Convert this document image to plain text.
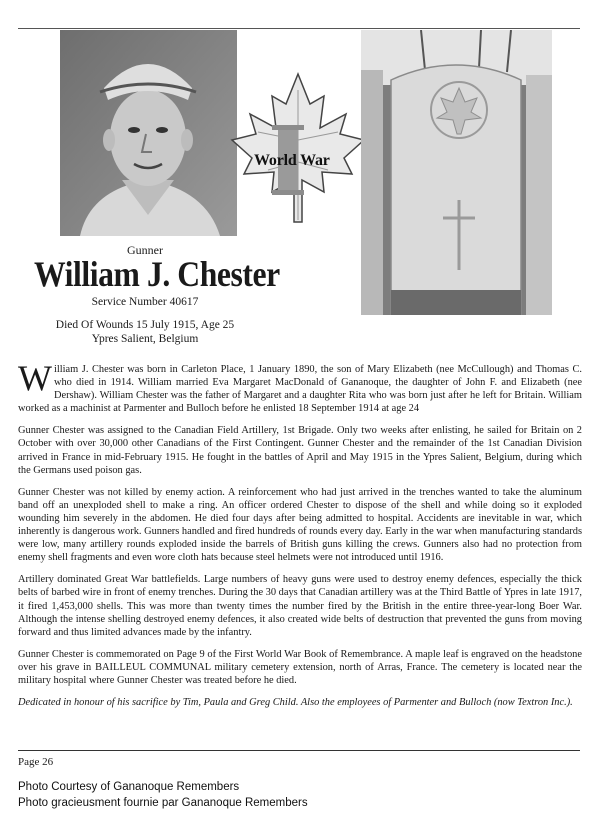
World War
Gunner
William J. Chester
Service Number 40617
Died Of Wounds 15 July 1915, Age 25
Ypres Salient, Belgium

William J. Chester was born in Carleton Place, 1 January 1890, the son of Mary Elizabeth (nee McCullough) and Thomas C. who died in 1914. William married Eva Margaret MacDonald of Gananoque, the daughter of John F. and Elizabeth (nee Dershaw). William Chester was the father of Margaret and a daughter Rita who was born just after he left for Britain. William worked as a machinist at Parmenter and Bulloch before he enlisted 18 September 1914 at age 24

Gunner Chester was assigned to the Canadian Field Artillery, 1st Brigade. Only two weeks after enlisting, he sailed for Britain on 2 October with over 30,000 other Canadians of the First Contingent. Gunner Chester and the remainder of the 1st Canadian Division arrived in France in mid-February 1915. He fought in the battles of April and May 1915 in the Ypres Salient, Belgium, during which the Germans used poison gas.

Gunner Chester was not killed by enemy action. A reinforcement who had just arrived in the trenches wanted to take the aluminum band off an unexploded shell to make a ring. An officer ordered Chester to dispose of the shell and while doing so it exploded wounding him severely in the abdomen. He died four days after being admitted to hospital. Accidents are inevitable in war, which inherently is dangerous work. Gunners handled and fired hundreds of rounds every day. Early in the war when manufacturing standards were low, many artillery rounds exploded inside the barrels of British guns killing the crews. Gunners also had no protection from enemy shell fragments and even wore cloth hats because steel helmets were not introduced until 1916.

Artillery dominated Great War battlefields. Large numbers of heavy guns were used to destroy enemy defences, especially the thick belts of barbed wire in front of enemy trenches. During the 30 days that Canadian artillery was at the Third Battle of Ypres in late 1917, it fired 1,453,000 shells. This was more than twenty times the number fired by the British in the entire three-year-long Boer War. Although the intense shelling destroyed enemy defences, it also created wide belts of destruction that prevented the guns from moving forward and thus limited advances made by the infantry.

Gunner Chester is commemorated on Page 9 of the First World War Book of Remembrance. A maple leaf is engraved on the headstone over his grave in BAILLEUL COMMUNAL military cemetery extension, north of Arras, France. The cemetery is located near the military hospital where Gunner Chester was treated before he died.

Dedicated in honour of his sacrifice by Tim, Paula and Greg Child. Also the employees of Parmenter and Bulloch (now Textron Inc.).

Page 26
Photo Courtesy of Gananoque Remembers
Photo gracieusment fournie par Gananoque Remembers
